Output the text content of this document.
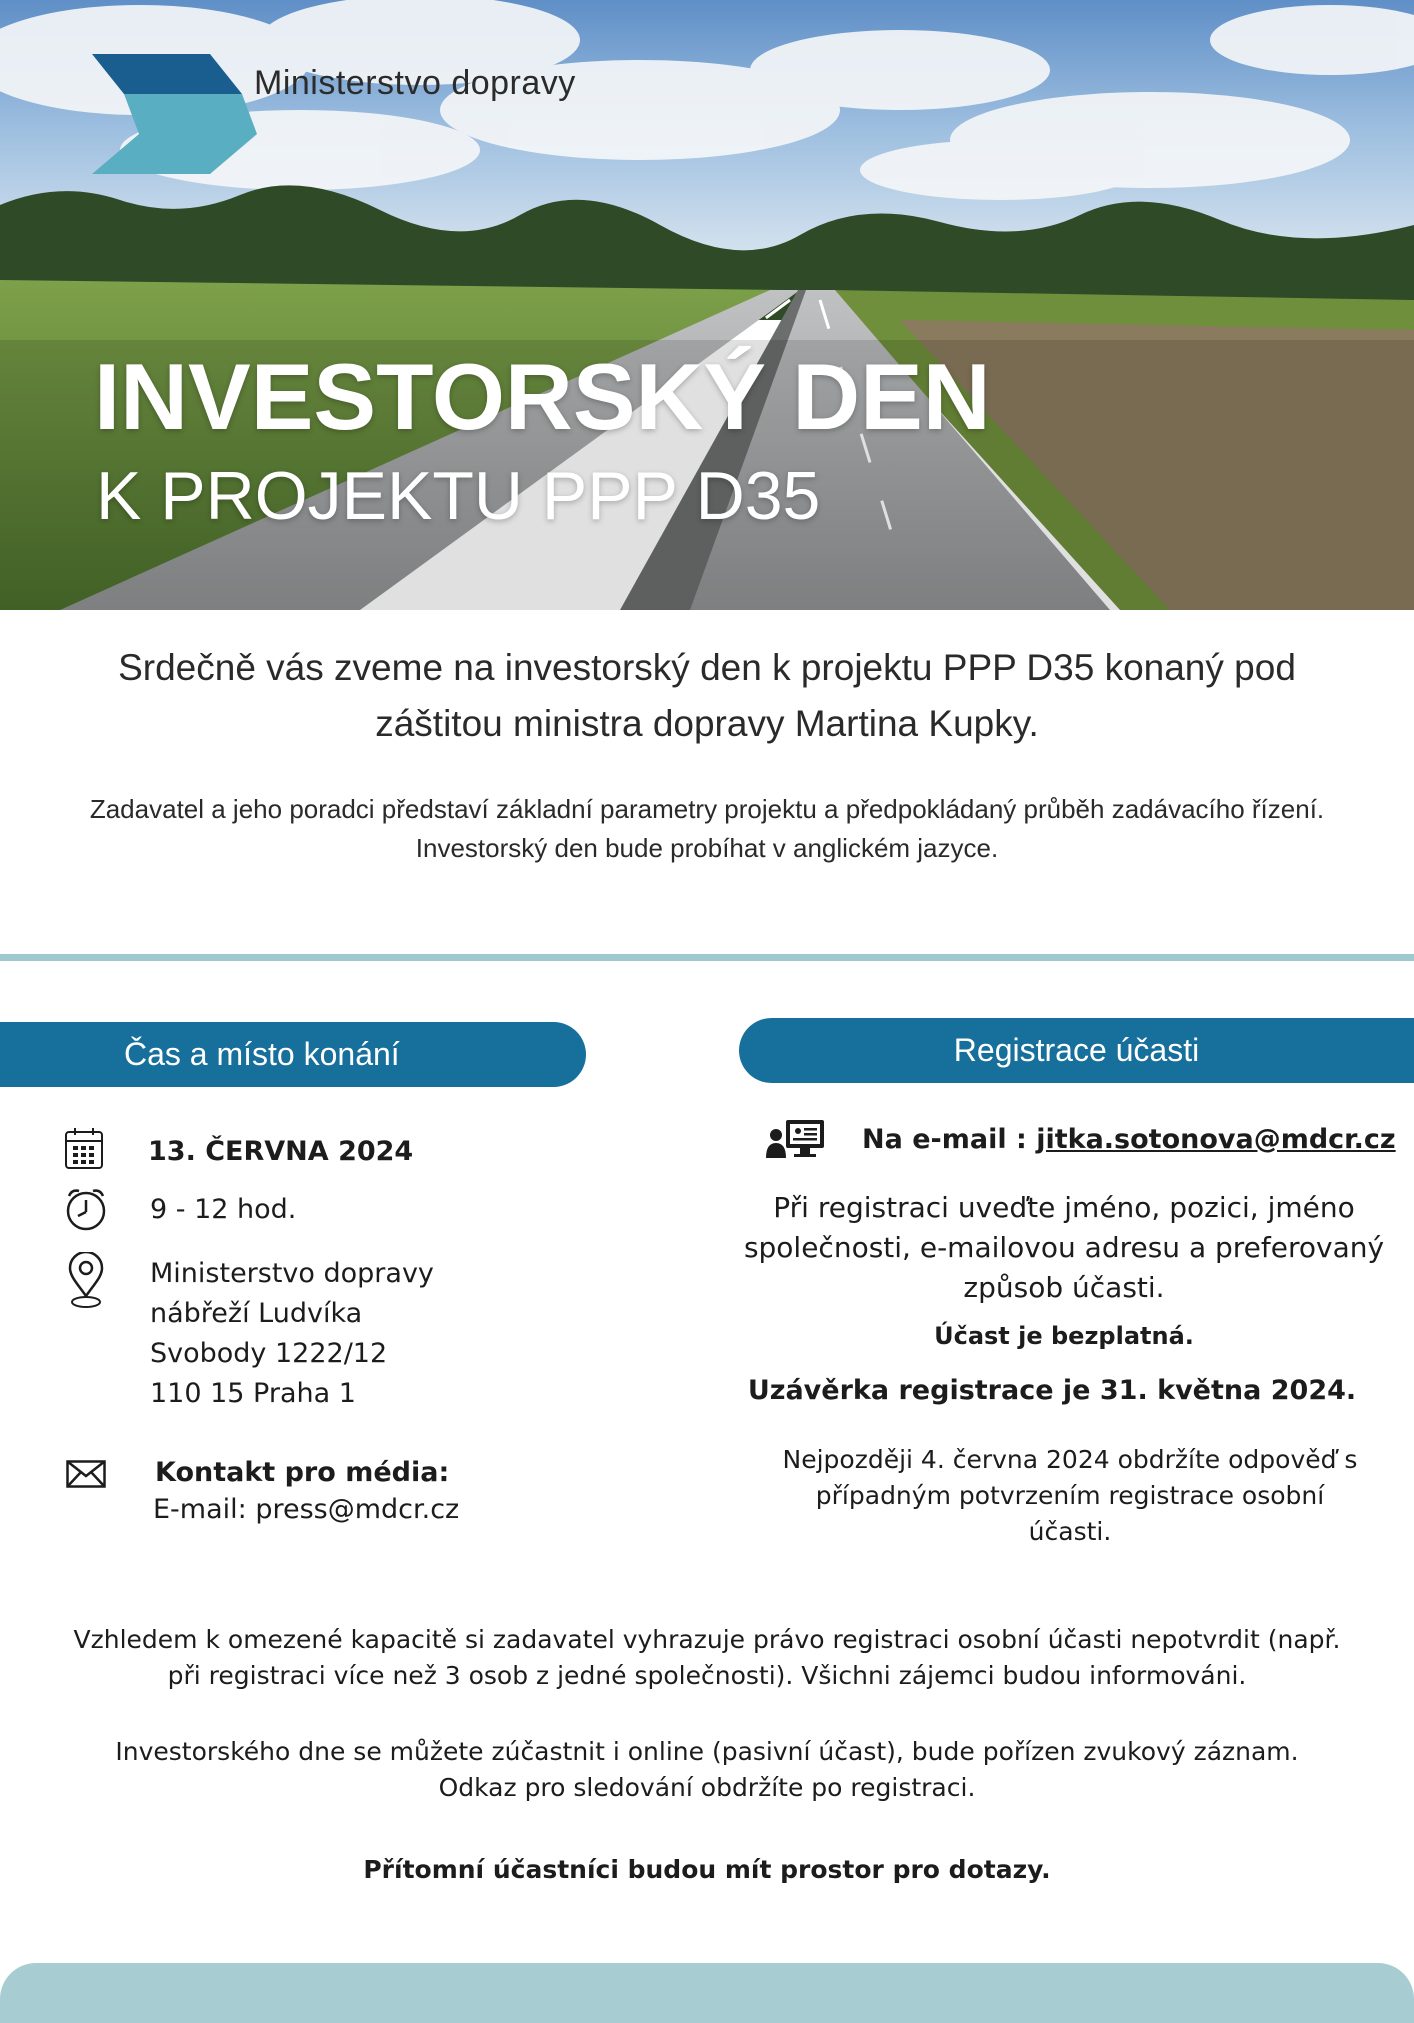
Ministerstvo dopravy
INVESTORSKÝ DEN
K PROJEKTU PPP D35
Srdečně vás zveme na investorský den k projektu PPP D35 konaný pod záštitou ministra dopravy Martina Kupky.
Zadavatel a jeho poradci představí základní parametry projektu a předpokládaný průběh zadávacího řízení. Investorský den bude probíhat v anglickém jazyce.
Čas a místo konání	Registrace účasti
13. ČERVNA 2024
9 - 12 hod.
Ministerstvo dopravy
nábřeží Ludvíka
Svobody 1222/12
110 15 Praha 1
Kontakt pro média:
E-mail: press@mdcr.cz
Na e-mail : jitka.sotonova@mdcr.cz
Při registraci uveďte jméno, pozici, jméno společnosti, e-mailovou adresu a preferovaný způsob účasti.
Účast je bezplatná.
Uzávěrka registrace je 31. května 2024.
Nejpozději 4. června 2024 obdržíte odpověď s případným potvrzením registrace osobní účasti.
Vzhledem k omezené kapacitě si zadavatel vyhrazuje právo registraci osobní účasti nepotvrdit (např. při registraci více než 3 osob z jedné společnosti). Všichni zájemci budou informováni.
Investorského dne se můžete zúčastnit i online (pasivní účast), bude pořízen zvukový záznam.
Odkaz pro sledování obdržíte po registraci.
Přítomní účastníci budou mít prostor pro dotazy.
